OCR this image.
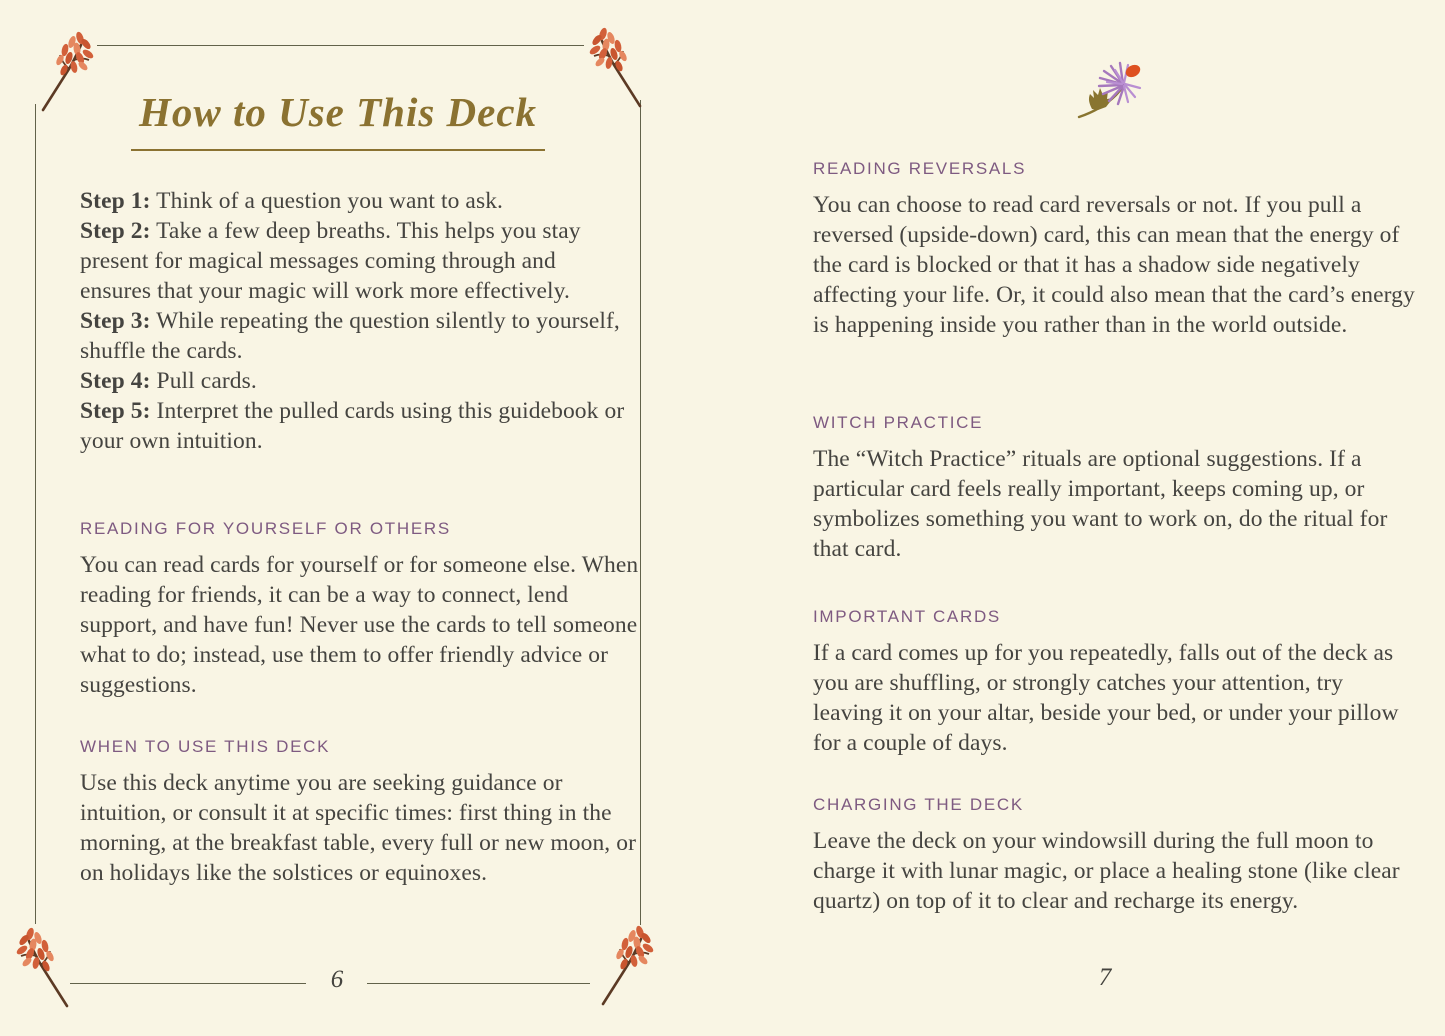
How to Use This Deck

Step 1: Think of a question you want to ask.

Step 2: Take a few deep breaths. This helps you stay present for magical messages coming through and ensures that your magic will work more effectively.

Step 3: While repeating the question silently to yourself, shuffle the cards.

Step 4: Pull cards.

Step 5: Interpret the pulled cards using this guidebook or your own intuition.

READING FOR YOURSELF OR OTHERS

You can read cards for yourself or for someone else. When reading for friends, it can be a way to connect, lend support, and have fun! Never use the cards to tell someone what to do; instead, use them to offer friendly advice or suggestions.

WHEN TO USE THIS DECK

Use this deck anytime you are seeking guidance or intuition, or consult it at specific times: first thing in the morning, at the breakfast table, every full or new moon, or on holidays like the solstices or equinoxes.

6
READING REVERSALS

You can choose to read card reversals or not. If you pull a reversed (upside-down) card, this can mean that the energy of the card is blocked or that it has a shadow side negatively affecting your life. Or, it could also mean that the card’s energy is happening inside you rather than in the world outside.

WITCH PRACTICE

The “Witch Practice” rituals are optional suggestions. If a particular card feels really important, keeps coming up, or symbolizes something you want to work on, do the ritual for that card.

IMPORTANT CARDS

If a card comes up for you repeatedly, falls out of the deck as you are shuffling, or strongly catches your attention, try leaving it on your altar, beside your bed, or under your pillow for a couple of days.

CHARGING THE DECK

Leave the deck on your windowsill during the full moon to charge it with lunar magic, or place a healing stone (like clear quartz) on top of it to clear and recharge its energy.

7
